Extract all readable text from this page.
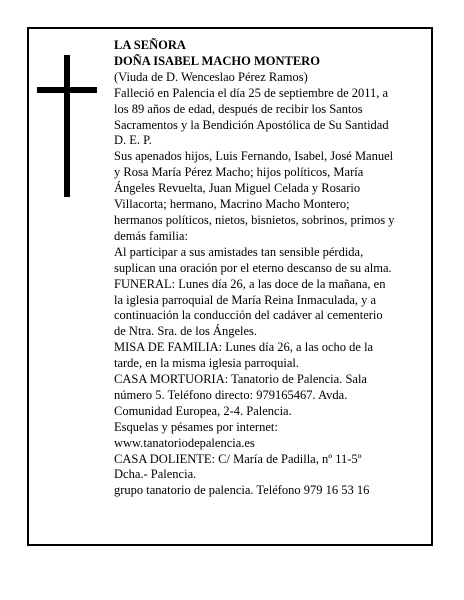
LA SEÑORA
DOÑA ISABEL MACHO MONTERO
(Viuda de D. Wenceslao Pérez Ramos)
Falleció en Palencia el día 25 de septiembre de 2011, a
los 89 años de edad, después de recibir los Santos
Sacramentos y la Bendición Apostólica de Su Santidad
D. E. P.
Sus apenados hijos, Luis Fernando, Isabel, José Manuel
y Rosa María Pérez Macho; hijos políticos, María
Ángeles Revuelta, Juan Miguel Celada y Rosario
Villacorta; hermano, Macrino Macho Montero;
hermanos políticos, nietos, bisnietos, sobrinos, primos y
demás familia:
Al participar a sus amistades tan sensible pérdida,
suplican una oración por el eterno descanso de su alma.
FUNERAL: Lunes día 26, a las doce de la mañana, en
la iglesia parroquial de María Reina Inmaculada, y a
continuación la conducción del cadáver al cementerio
de Ntra. Sra. de los Ángeles.
MISA DE FAMILIA: Lunes día 26, a las ocho de la
tarde, en la misma iglesia parroquial.
CASA MORTUORIA: Tanatorio de Palencia. Sala
número 5. Teléfono directo: 979165467. Avda.
Comunidad Europea, 2-4. Palencia.
Esquelas y pésames por internet:
www.tanatoriodepalencia.es
CASA DOLIENTE: C/ María de Padilla, nº 11-5º
Dcha.- Palencia.
grupo tanatorio de palencia. Teléfono 979 16 53 16
